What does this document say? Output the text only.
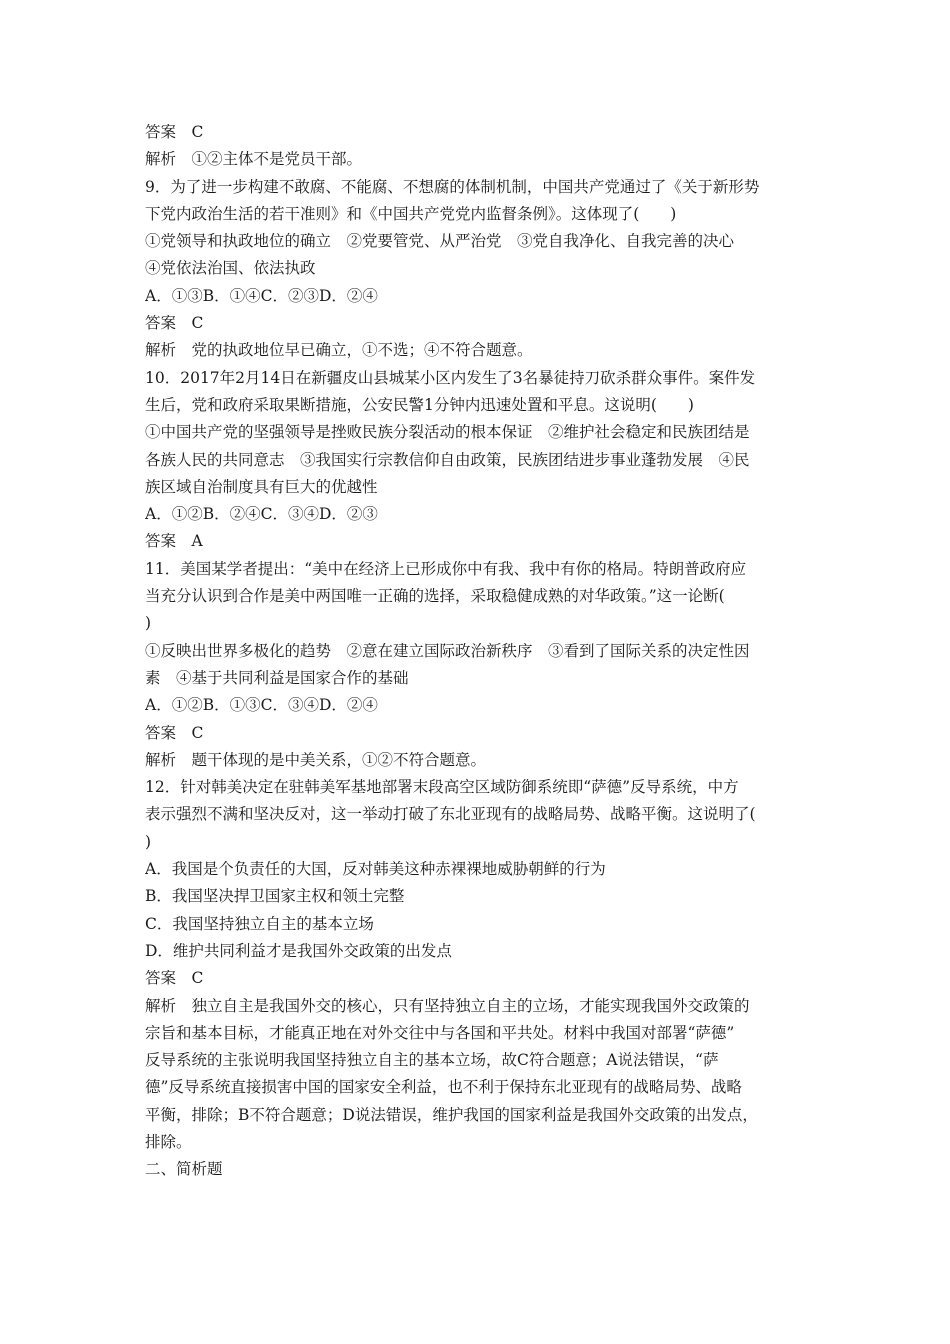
答案　C
解析　①②主体不是党员干部。
9．为了进一步构建不敢腐、不能腐、不想腐的体制机制，中国共产党通过了《关于新形势
下党内政治生活的若干准则》和《中国共产党党内监督条例》。这体现了(　　)
①党领导和执政地位的确立　②党要管党、从严治党　③党自我净化、自我完善的决心
④党依法治国、依法执政
A．①③B．①④C．②③D．②④
答案　C
解析　党的执政地位早已确立，①不选；④不符合题意。
10．2017年2月14日在新疆皮山县城某小区内发生了3名暴徒持刀砍杀群众事件。案件发
生后，党和政府采取果断措施，公安民警1分钟内迅速处置和平息。这说明(　　)
①中国共产党的坚强领导是挫败民族分裂活动的根本保证　②维护社会稳定和民族团结是
各族人民的共同意志　③我国实行宗教信仰自由政策，民族团结进步事业蓬勃发展　④民
族区域自治制度具有巨大的优越性
A．①②B．②④C．③④D．②③
答案　A
11．美国某学者提出：“美中在经济上已形成你中有我、我中有你的格局。特朗普政府应
当充分认识到合作是美中两国唯一正确的选择，采取稳健成熟的对华政策。”这一论断(
)
①反映出世界多极化的趋势　②意在建立国际政治新秩序　③看到了国际关系的决定性因
素　④基于共同利益是国家合作的基础
A．①②B．①③C．③④D．②④
答案　C
解析　题干体现的是中美关系，①②不符合题意。
12．针对韩美决定在驻韩美军基地部署末段高空区域防御系统即“萨德”反导系统，中方
表示强烈不满和坚决反对，这一举动打破了东北亚现有的战略局势、战略平衡。这说明了(
)
A．我国是个负责任的大国，反对韩美这种赤裸裸地威胁朝鲜的行为
B．我国坚决捍卫国家主权和领土完整
C．我国坚持独立自主的基本立场
D．维护共同利益才是我国外交政策的出发点
答案　C
解析　独立自主是我国外交的核心，只有坚持独立自主的立场，才能实现我国外交政策的
宗旨和基本目标，才能真正地在对外交往中与各国和平共处。材料中我国对部署“萨德”
反导系统的主张说明我国坚持独立自主的基本立场，故C符合题意；A说法错误，“萨
德”反导系统直接损害中国的国家安全利益，也不利于保持东北亚现有的战略局势、战略
平衡，排除；B不符合题意；D说法错误，维护我国的国家利益是我国外交政策的出发点，
排除。
二、简析题
